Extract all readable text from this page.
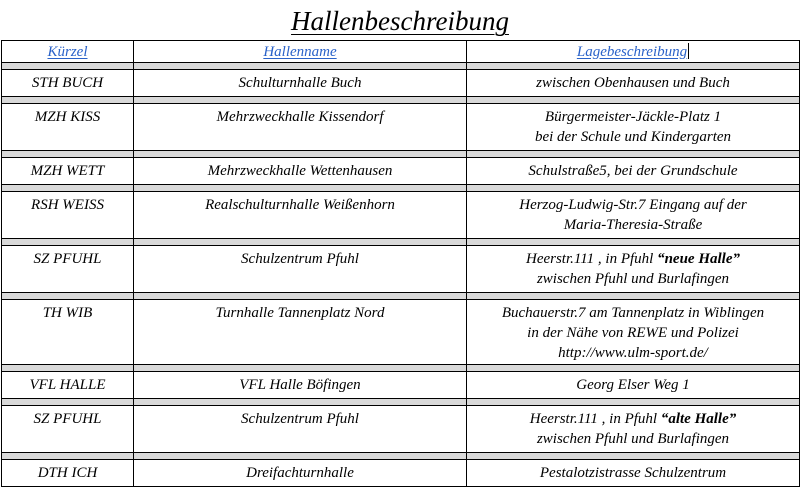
Hallenbeschreibung
Kürzel	Hallenname	Lagebeschreibung

STH BUCH	Schulturnhalle Buch	zwischen Obenhausen und Buch

MZH KISS	Mehrzweckhalle Kissendorf	Bürgermeister-Jäckle-Platz 1
bei der Schule und Kindergarten

MZH WETT	Mehrzweckhalle Wettenhausen	Schulstraße5, bei der Grundschule

RSH WEISS	Realschulturnhalle Weißenhorn	Herzog-Ludwig-Str.7 Eingang auf der
Maria-Theresia-Straße

SZ PFUHL	Schulzentrum Pfuhl	Heerstr.111 , in Pfuhl “neue Halle”
zwischen Pfuhl und Burlafingen

TH WIB	Turnhalle Tannenplatz Nord	Buchauerstr.7 am Tannenplatz in Wiblingen
in der Nähe von REWE und Polizei
http://www.ulm-sport.de/

VFL HALLE	VFL Halle Böfingen	Georg Elser Weg 1

SZ PFUHL	Schulzentrum Pfuhl	Heerstr.111 , in Pfuhl “alte Halle”
zwischen Pfuhl und Burlafingen

DTH ICH	Dreifachturnhalle	Pestalotzistrasse Schulzentrum
